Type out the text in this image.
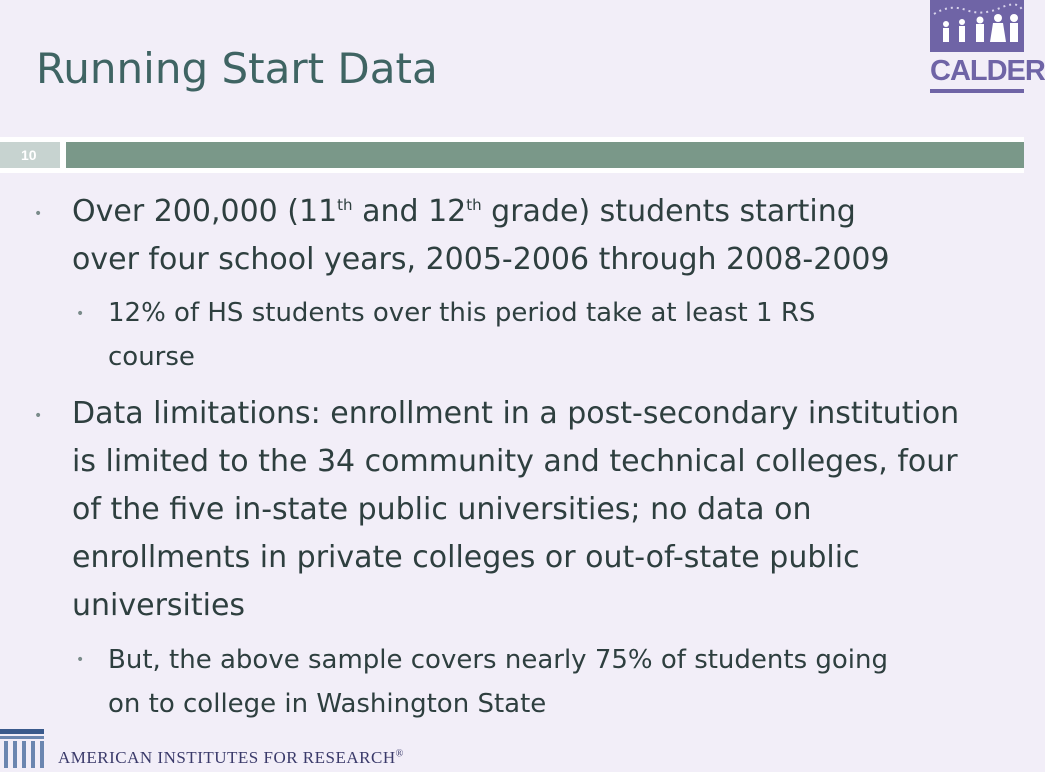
Running Start Data	CALDER
10
• Over 200,000 (11th and 12th grade) students starting
over four school years, 2005-2006 through 2008-2009
• 12% of HS students over this period take at least 1 RS
course
• Data limitations: enrollment in a post-secondary institution
is limited to the 34 community and technical colleges, four
of the five in-state public universities; no data on
enrollments in private colleges or out-of-state public
universities
• But, the above sample covers nearly 75% of students going
on to college in Washington State
AMERICAN INSTITUTES FOR RESEARCH®
